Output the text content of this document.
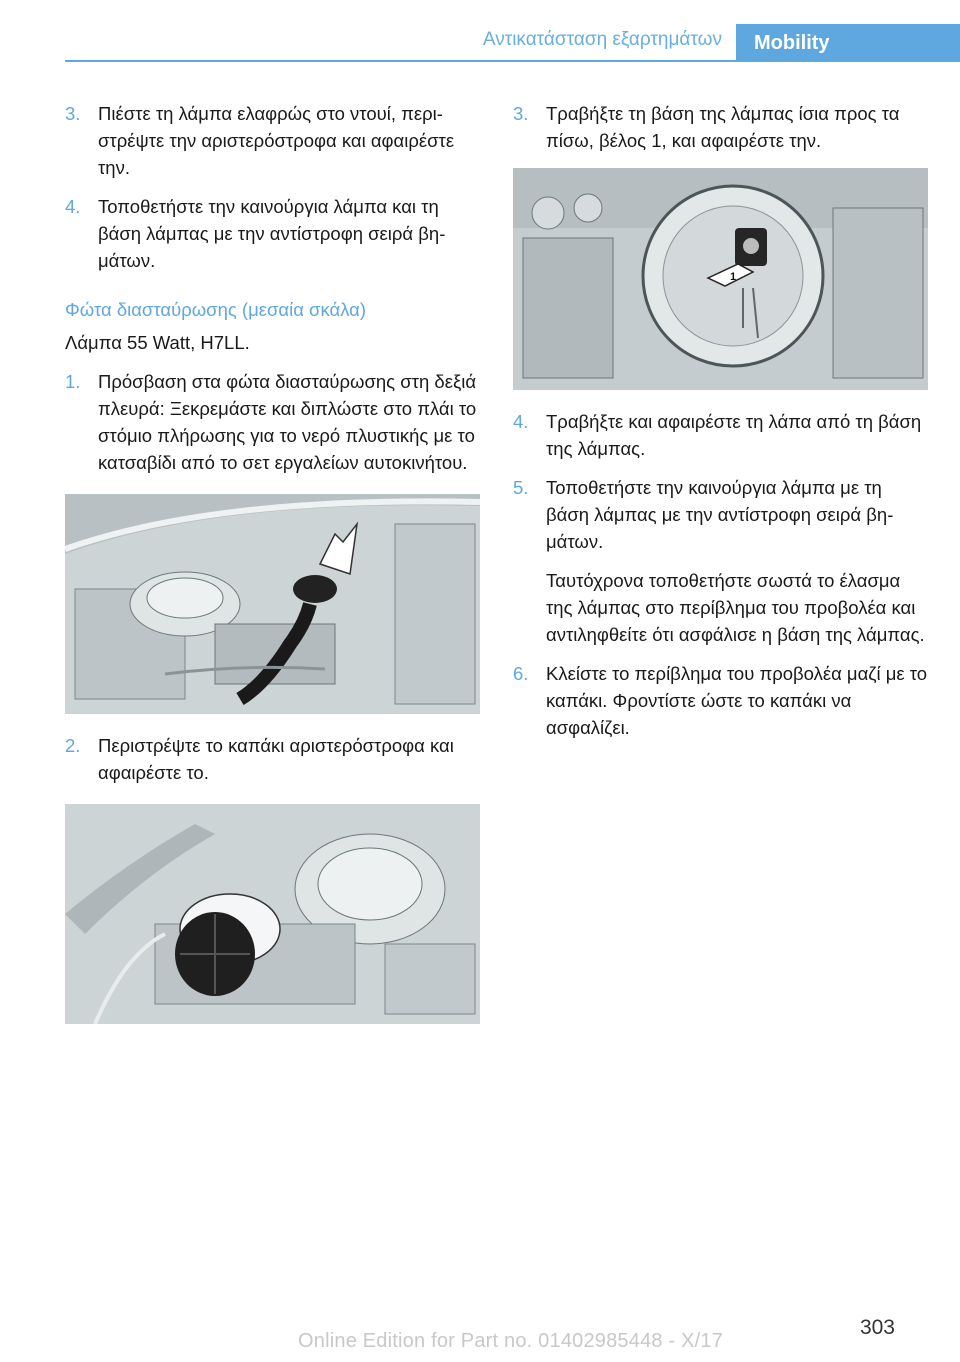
Αντικατάσταση εξαρτημάτων	Mobility
3. Πιέστε τη λάμπα ελαφρώς στο ντουί, περιστρέψτε την αριστερόστροφα και αφαιρέστε την.

4. Τοποθετήστε την καινούργια λάμπα και τη βάση λάμπας με την αντίστροφη σειρά βημάτων.

Φώτα διασταύρωσης (μεσαία σκάλα)

Λάμπα 55 Watt, H7LL.

1. Πρόσβαση στα φώτα διασταύρωσης στη δεξιά πλευρά: Ξεκρεμάστε και διπλώστε στο πλάι το στόμιο πλήρωσης για το νερό πλυστικής με το κατσαβίδι από το σετ εργαλείων αυτοκινήτου.

2. Περιστρέψτε το καπάκι αριστερόστροφα και αφαιρέστε το.

3. Τραβήξτε τη βάση της λάμπας ίσια προς τα πίσω, βέλος 1, και αφαιρέστε την.

1
4. Τραβήξτε και αφαιρέστε τη λάπα από τη βάση της λάμπας.

5. Τοποθετήστε την καινούργια λάμπα με τη βάση λάμπας με την αντίστροφη σειρά βημάτων.

Ταυτόχρονα τοποθετήστε σωστά το έλασμα της λάμπας στο περίβλημα του προβολέα και αντιληφθείτε ότι ασφάλισε η βάση της λάμπας.

6. Κλείστε το περίβλημα του προβολέα μαζί με το καπάκι. Φροντίστε ώστε το καπάκι να ασφαλίζει.

303
Online Edition for Part no. 01402985448 - X/17
